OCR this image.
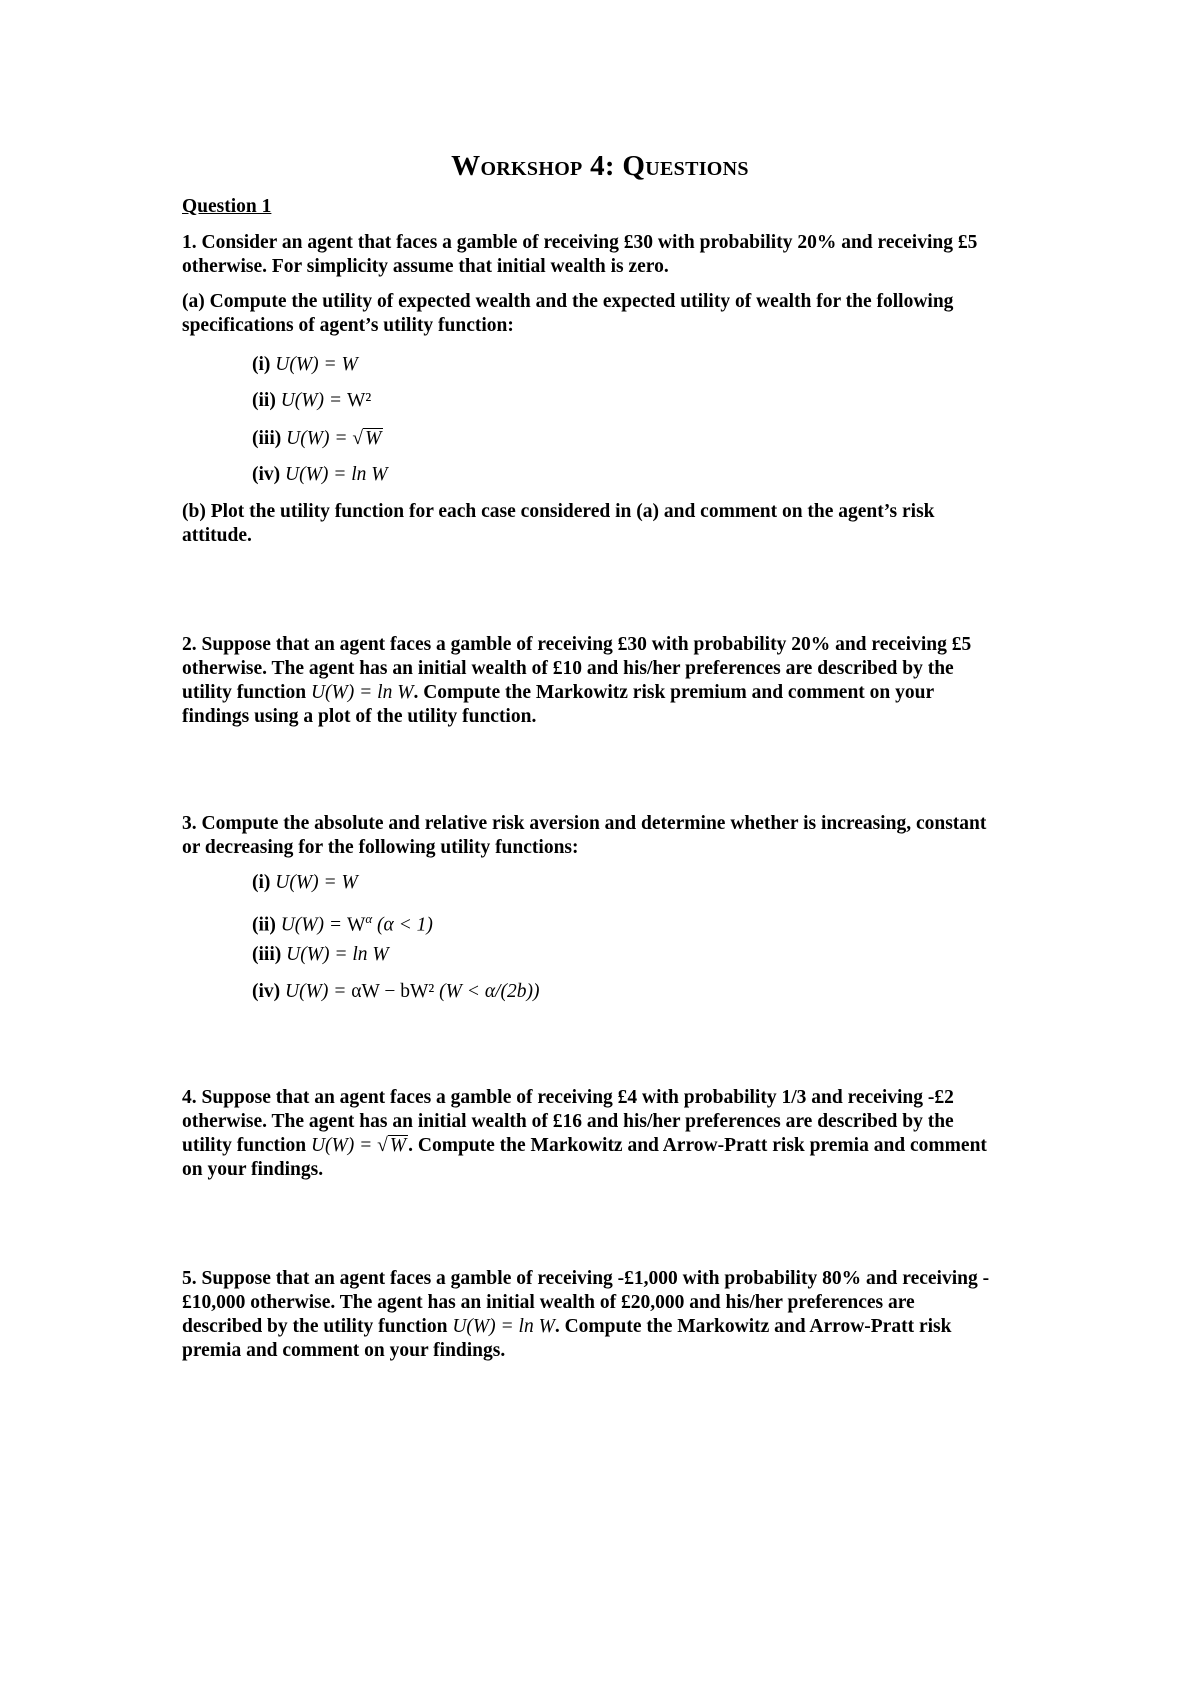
Workshop 4: Questions
Question 1
1. Consider an agent that faces a gamble of receiving £30 with probability 20% and receiving £5
otherwise. For simplicity assume that initial wealth is zero.
(a) Compute the utility of expected wealth and the expected utility of wealth for the following
specifications of agent’s utility function:
(i) U(W) = W
(ii) U(W) = W²
(iii) U(W) = √ W
(iv) U(W) = ln W
(b) Plot the utility function for each case considered in (a) and comment on the agent’s risk
attitude.
2. Suppose that an agent faces a gamble of receiving £30 with probability 20% and receiving £5
otherwise. The agent has an initial wealth of £10 and his/her preferences are described by the
utility function U(W) = ln W. Compute the Markowitz risk premium and comment on your
findings using a plot of the utility function.
3. Compute the absolute and relative risk aversion and determine whether is increasing, constant
or decreasing for the following utility functions:
(i) U(W) = W
(ii) $U(W) = W^\alpha$ (α < 1)
(iii) U(W) = ln W
(iv) U(W) = αW − bW² (W < α/(2b))
4. Suppose that an agent faces a gamble of receiving £4 with probability 1/3 and receiving -£2
otherwise. The agent has an initial wealth of £16 and his/her preferences are described by the
utility function U(W) = √ W . Compute the Markowitz and Arrow-Pratt risk premia and comment
on your findings.
5. Suppose that an agent faces a gamble of receiving -£1,000 with probability 80% and receiving -
£10,000 otherwise. The agent has an initial wealth of £20,000 and his/her preferences are
described by the utility function U(W) = ln W. Compute the Markowitz and Arrow-Pratt risk
premia and comment on your findings.
